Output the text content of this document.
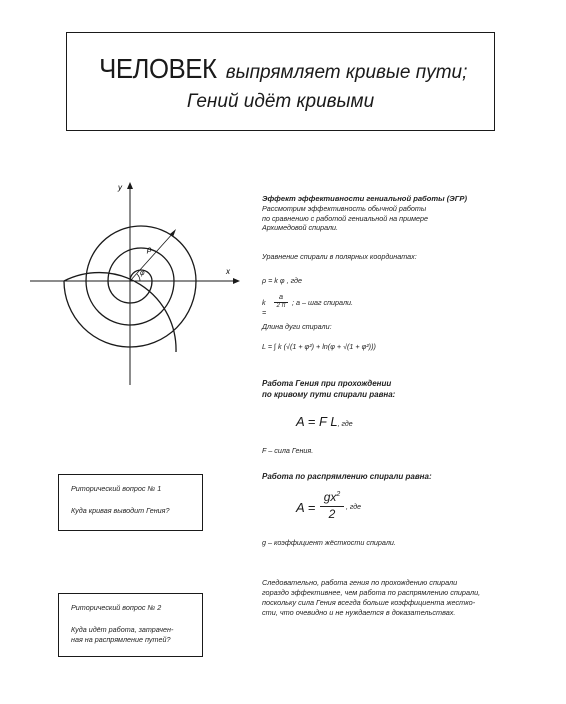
ЧЕЛОВЕК выпрямляет кривые пути;
Гений идёт кривыми
y
x
ρ
φ
Эффект эффективности гениальной работы (ЭГР)
Рассмотрим эффективность обычной работы
по сравнению с работой гениальной на примере
Архимедовой спирали.
Уравнение спирали в полярных координатах:
ρ = k φ , где
k =
a
2 π ; a – шаг спирали.
Длина дуги спирали:
L = ∫ k (√(1 + φ²) + ln(φ + √(1 + φ²)))
Работа Гения при прохождении
по кривому пути спирали равна:
A = F L, где
F – сила Гения.
Работа по распрямлению спирали равна:
A =
$gx^2$
2	, где
g – коэффициент жёсткости спирали.
Следовательно, работа гения по прохождению спирали
гораздо эффективнее, чем работа по распрямлению спирали,
поскольку сила Гения всегда больше коэффициента жестко-
сти, что очевидно и не нуждается в доказательствах.
Риторический вопрос № 1
Куда кривая выводит Гения?
Риторический вопрос № 2
Куда идёт работа, затрачен-
ная на распрямление путей?
